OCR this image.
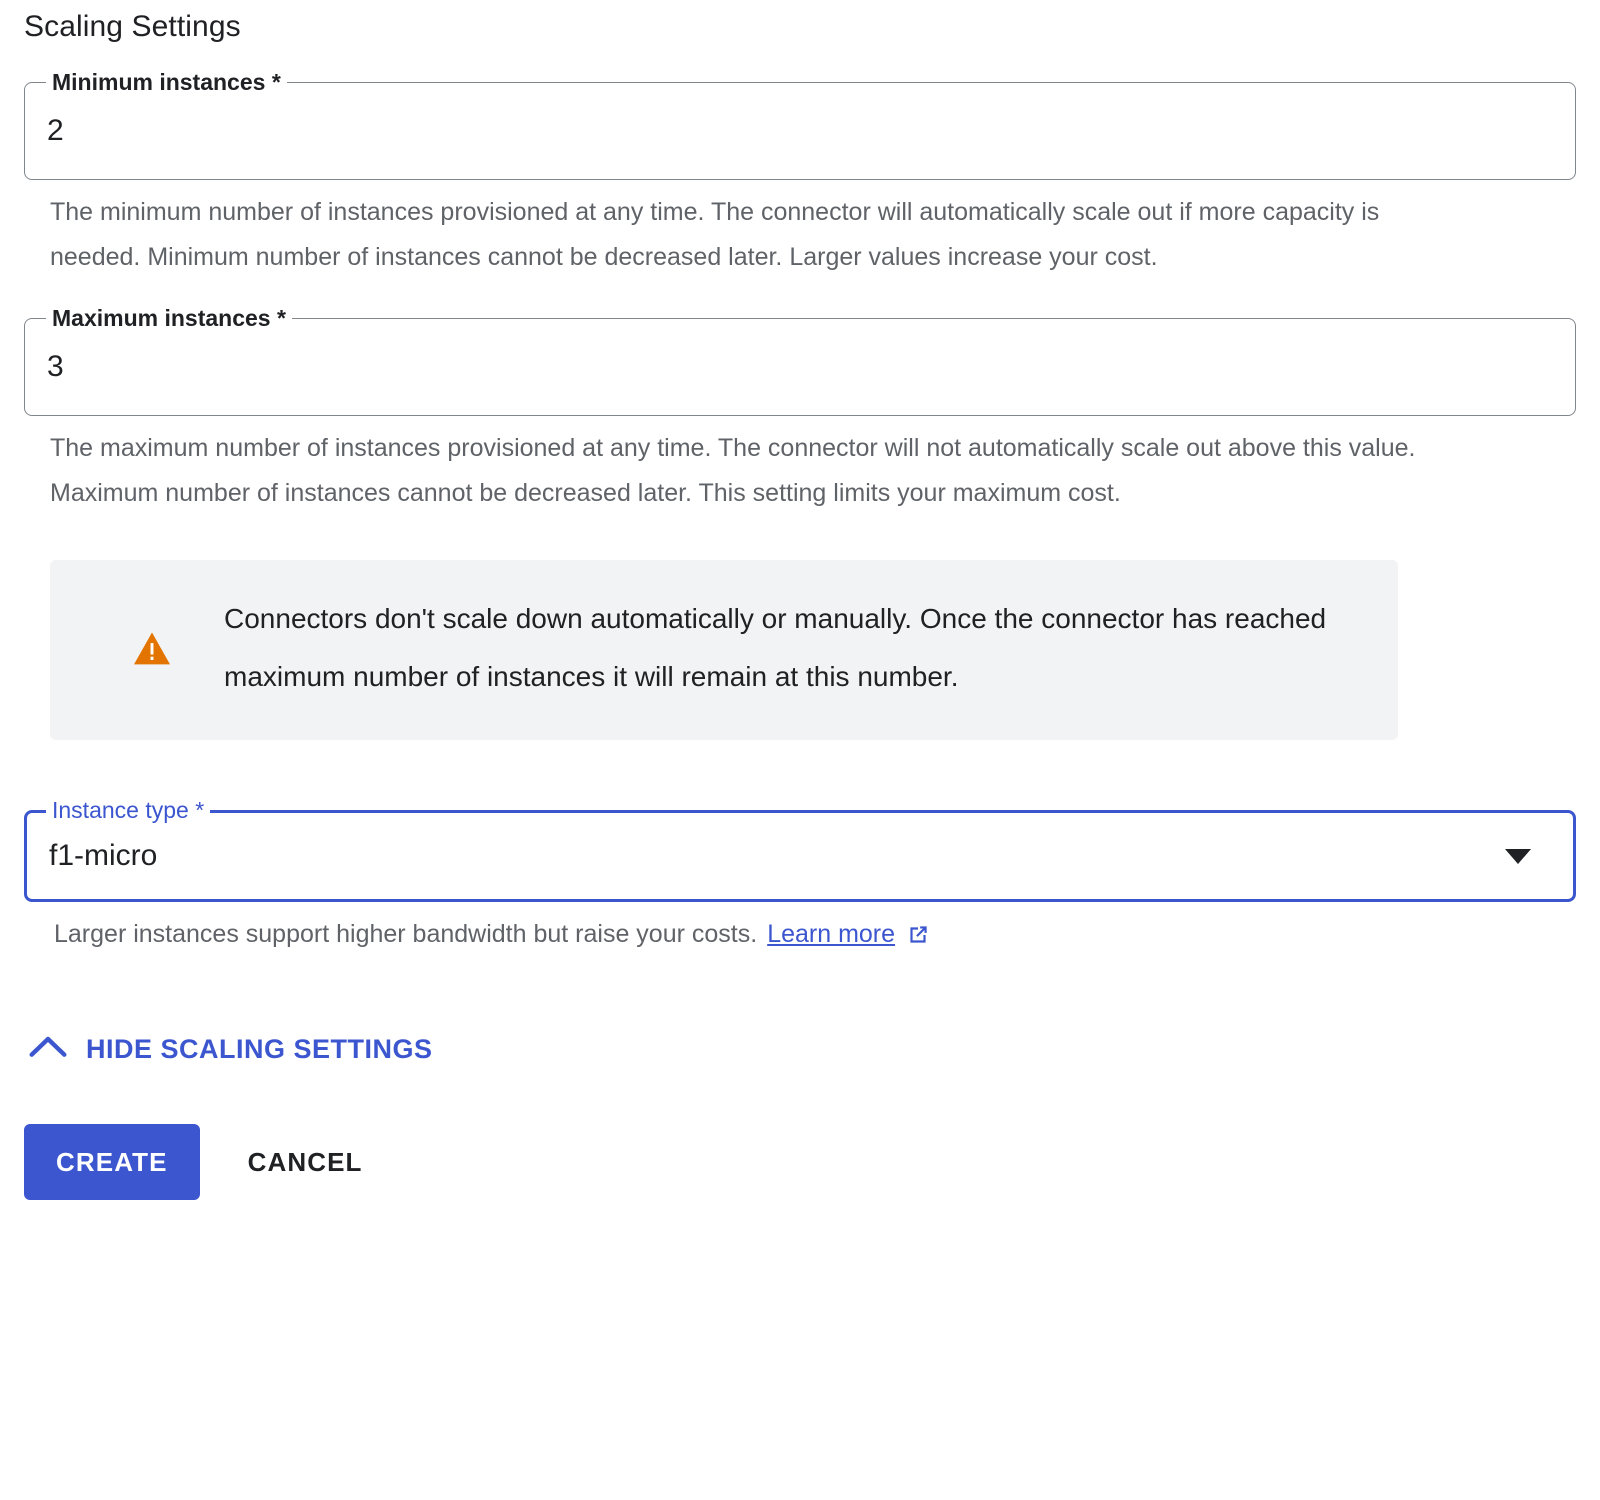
Scaling Settings
2
Minimum instances *
The minimum number of instances provisioned at any time. The connector will automatically scale out if more capacity is needed. Minimum number of instances cannot be decreased later. Larger values increase your cost.
3
Maximum instances *
The maximum number of instances provisioned at any time. The connector will not automatically scale out above this value. Maximum number of instances cannot be decreased later. This setting limits your maximum cost.
Connectors don't scale down automatically or manually. Once the connector has reached maximum number of instances it will remain at this number.
f1-micro
Instance type *
Larger instances support higher bandwidth but raise your costs. Learn more
HIDE SCALING SETTINGS
CREATE	CANCEL
